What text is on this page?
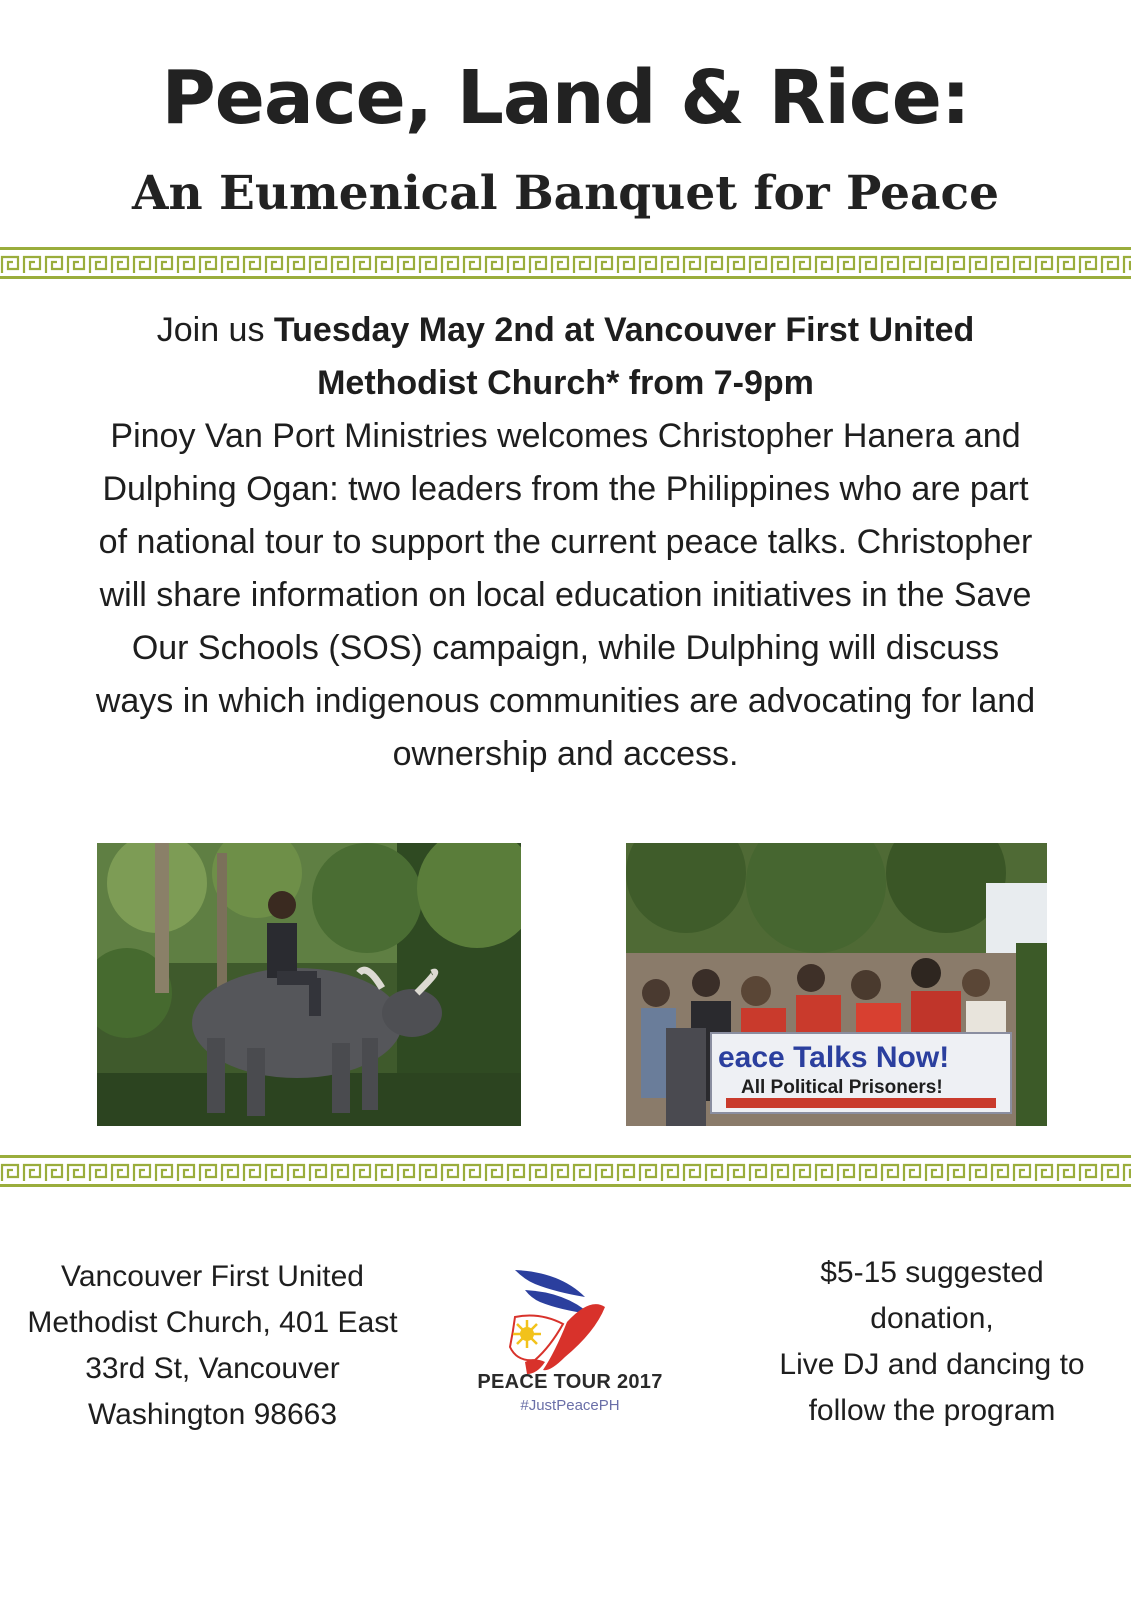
Peace, Land & Rice:
An Eumenical Banquet for Peace

Join us Tuesday May 2nd at Vancouver First United Methodist Church* from 7-9pm
Pinoy Van Port Ministries welcomes Christopher Hanera and Dulphing Ogan: two leaders from the Philippines who are part of national tour to support the current peace talks. Christopher will share information on local education initiatives in the Save Our Schools (SOS) campaign, while Dulphing will discuss ways in which indigenous communities are advocating for land ownership and access.

eace Talks Now!
All Political Prisoners!

Vancouver First United
Methodist Church, 401 East
33rd St, Vancouver
Washington 98663

PEACE TOUR 2017
#JustPeacePH

$5-15 suggested
donation,
Live DJ and dancing to
follow the program
